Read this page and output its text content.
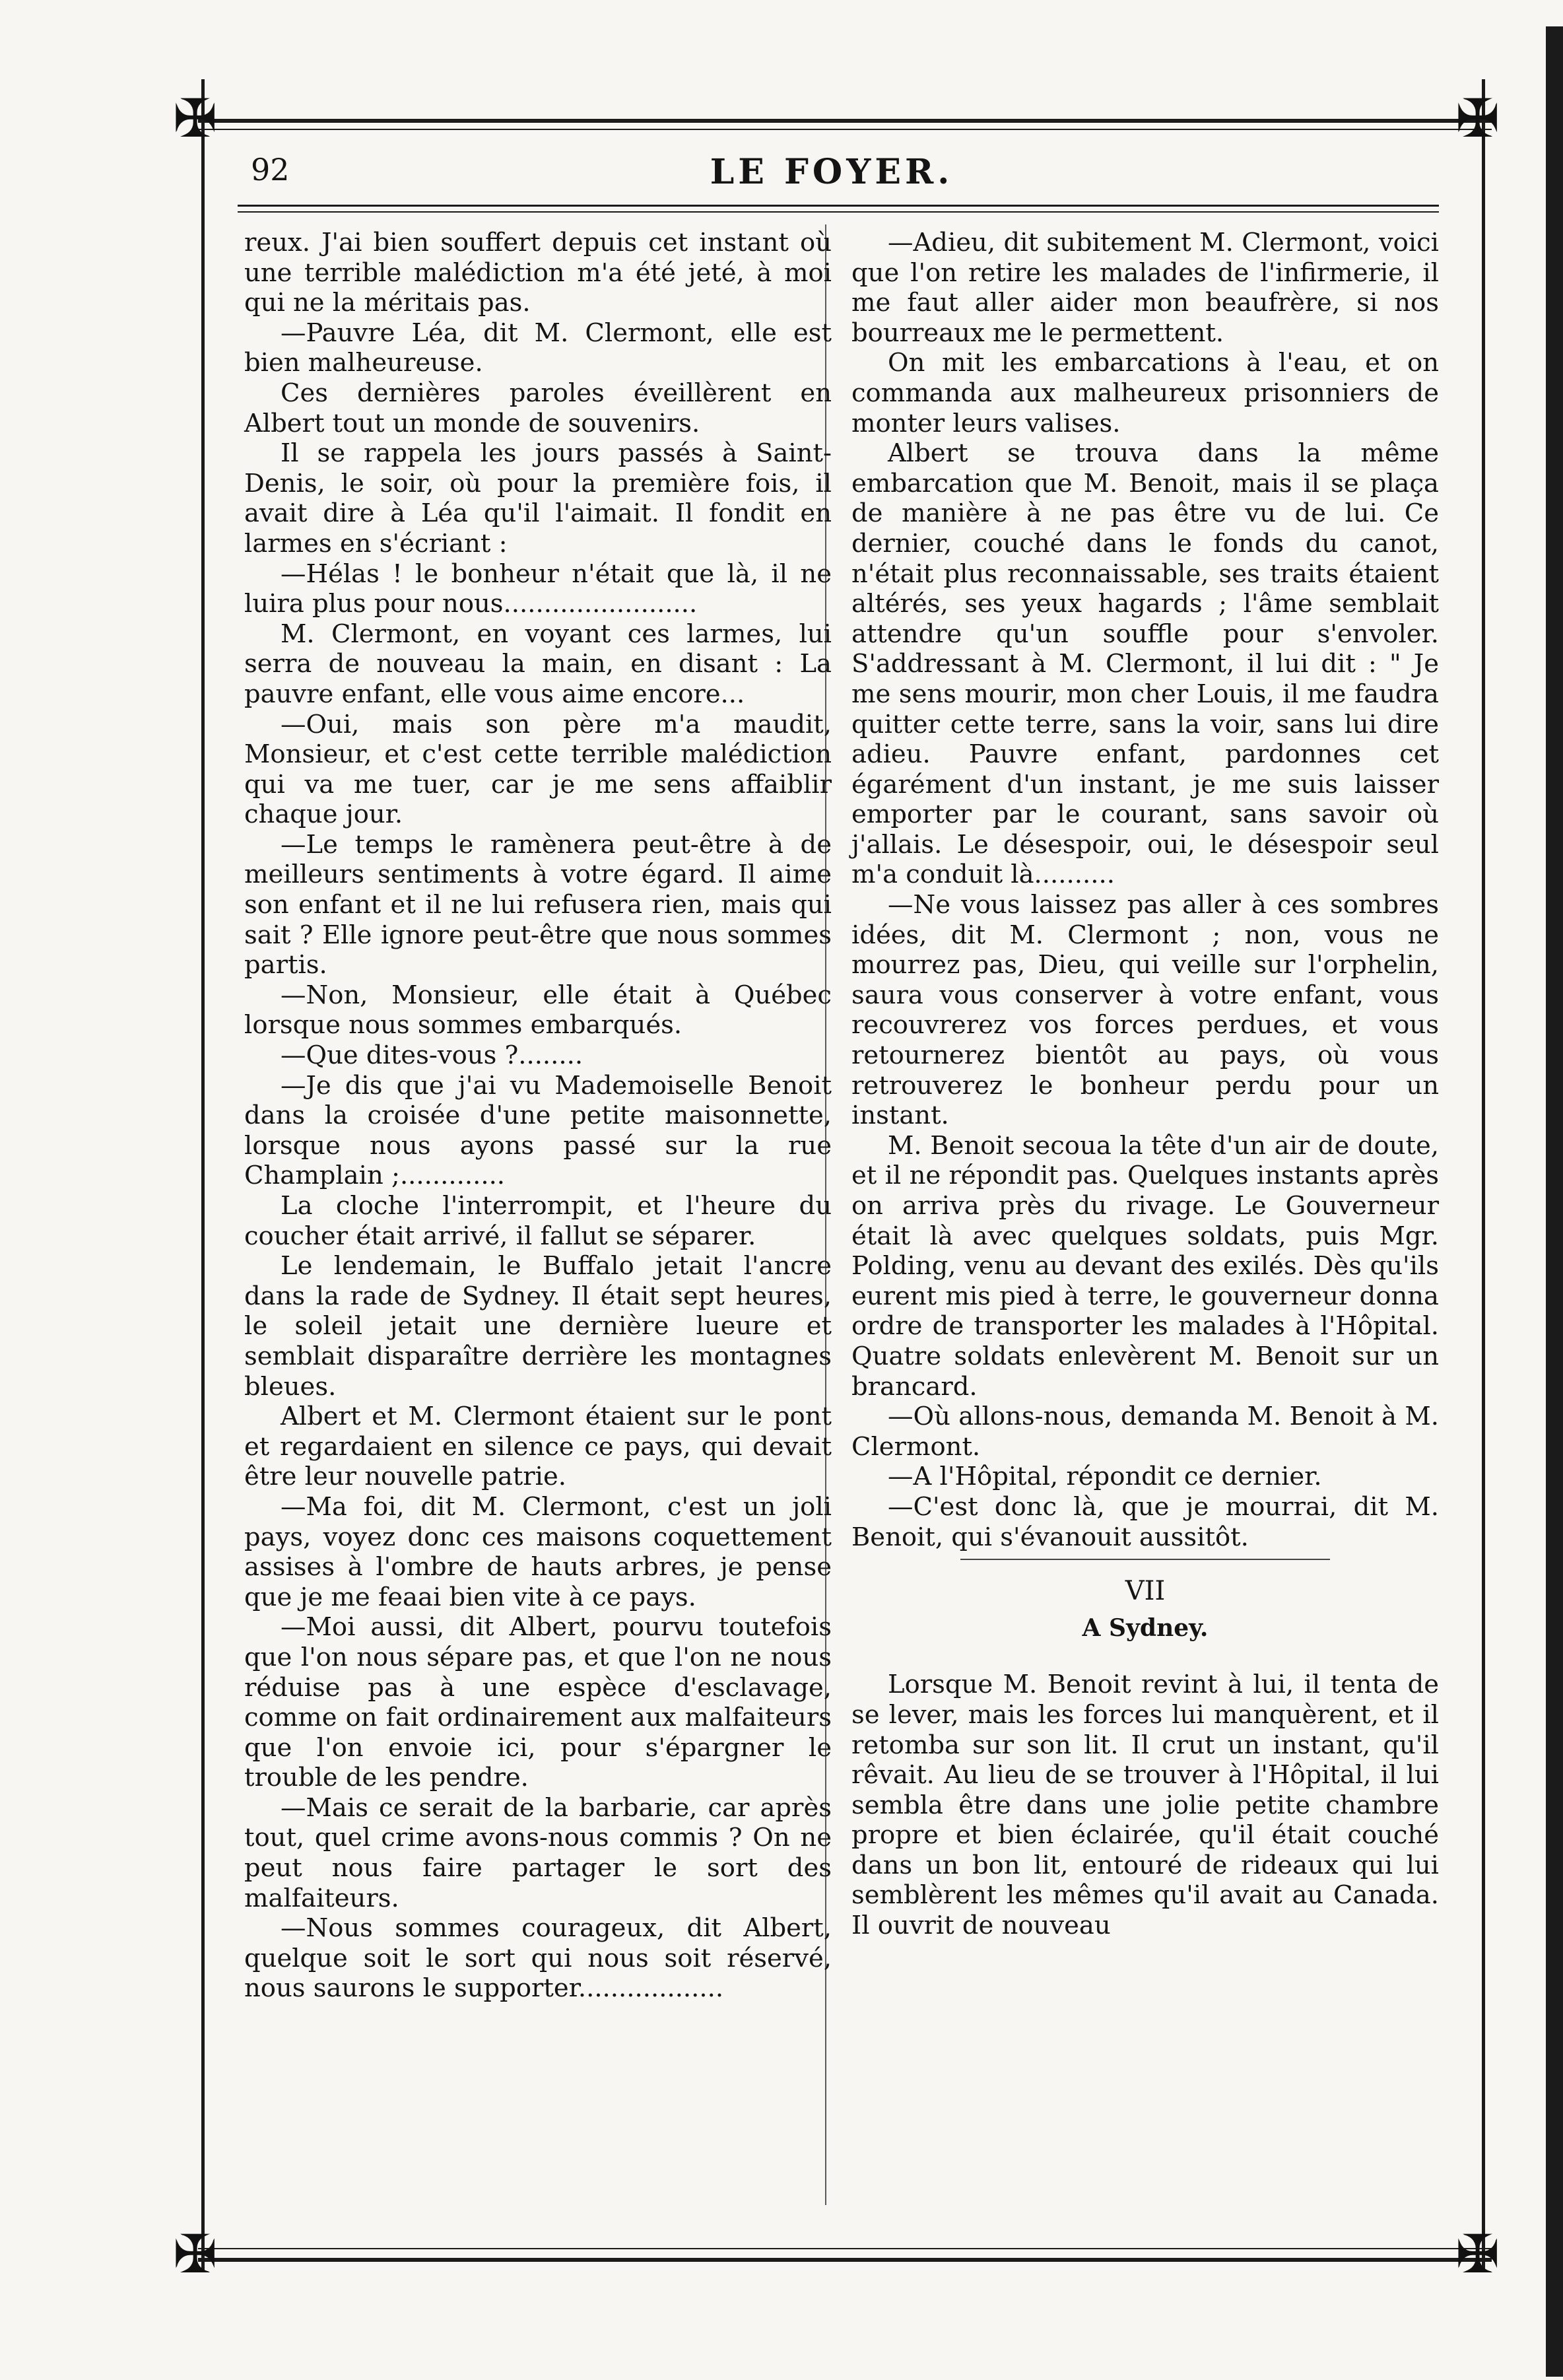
✠	✠
✠	✠
92	LE FOYER.

reux. J'ai bien souffert depuis cet instant où une terrible malédiction m'a été jeté, à moi qui ne la méritais pas.

—Pauvre Léa, dit M. Clermont, elle est bien malheureuse.

Ces dernières paroles éveillèrent en Albert tout un monde de souvenirs.

Il se rappela les jours passés à Saint-Denis, le soir, où pour la première fois, il avait dire à Léa qu'il l'aimait. Il fondit en larmes en s'écriant :

—Hélas ! le bonheur n'était que là, il ne luira plus pour nous........................

M. Clermont, en voyant ces larmes, lui serra de nouveau la main, en disant : La pauvre enfant, elle vous aime encore...

—Oui, mais son père m'a maudit, Monsieur, et c'est cette terrible malédiction qui va me tuer, car je me sens affaiblir chaque jour.

—Le temps le ramènera peut-être à de meilleurs sentiments à votre égard. Il aime son enfant et il ne lui refusera rien, mais qui sait ? Elle ignore peut-être que nous sommes partis.

—Non, Monsieur, elle était à Québec lorsque nous sommes embarqués.

—Que dites-vous ?........

—Je dis que j'ai vu Mademoiselle Benoit dans la croisée d'une petite maisonnette, lorsque nous ayons passé sur la rue Champlain ;.............

La cloche l'interrompit, et l'heure du coucher était arrivé, il fallut se séparer.

Le lendemain, le Buffalo jetait l'ancre dans la rade de Sydney. Il était sept heures, le soleil jetait une dernière lueure et semblait disparaître derrière les montagnes bleues.

Albert et M. Clermont étaient sur le pont et regardaient en silence ce pays, qui devait être leur nouvelle patrie.

—Ma foi, dit M. Clermont, c'est un joli pays, voyez donc ces maisons coquettement assises à l'ombre de hauts arbres, je pense que je me feaai bien vite à ce pays.

—Moi aussi, dit Albert, pourvu toutefois que l'on nous sépare pas, et que l'on ne nous réduise pas à une espèce d'esclavage, comme on fait ordinairement aux malfaiteurs que l'on envoie ici, pour s'épargner le trouble de les pendre.

—Mais ce serait de la barbarie, car après tout, quel crime avons-nous commis ? On ne peut nous faire partager le sort des malfaiteurs.

—Nous sommes courageux, dit Albert, quelque soit le sort qui nous soit réservé, nous saurons le supporter..................

—Adieu, dit subitement M. Clermont, voici que l'on retire les malades de l'infirmerie, il me faut aller aider mon beaufrère, si nos bourreaux me le permettent.

On mit les embarcations à l'eau, et on commanda aux malheureux prisonniers de monter leurs valises.

Albert se trouva dans la même embarcation que M. Benoit, mais il se plaça de manière à ne pas être vu de lui. Ce dernier, couché dans le fonds du canot, n'était plus reconnaissable, ses traits étaient altérés, ses yeux hagards ; l'âme semblait attendre qu'un souffle pour s'envoler. S'addressant à M. Clermont, il lui dit : " Je me sens mourir, mon cher Louis, il me faudra quitter cette terre, sans la voir, sans lui dire adieu. Pauvre enfant, pardonnes cet égarément d'un instant, je me suis laisser emporter par le courant, sans savoir où j'allais. Le désespoir, oui, le désespoir seul m'a conduit là..........

—Ne vous laissez pas aller à ces sombres idées, dit M. Clermont ; non, vous ne mourrez pas, Dieu, qui veille sur l'orphelin, saura vous conserver à votre enfant, vous recouvrerez vos forces perdues, et vous retournerez bientôt au pays, où vous retrouverez le bonheur perdu pour un instant.

M. Benoit secoua la tête d'un air de doute, et il ne répondit pas. Quelques instants après on arriva près du rivage. Le Gouverneur était là avec quelques soldats, puis Mgr. Polding, venu au devant des exilés. Dès qu'ils eurent mis pied à terre, le gouverneur donna ordre de transporter les malades à l'Hôpital. Quatre soldats enlevèrent M. Benoit sur un brancard.

—Où allons-nous, demanda M. Benoit à M. Clermont.

—A l'Hôpital, répondit ce dernier.

—C'est donc là, que je mourrai, dit M. Benoit, qui s'évanouit aussitôt.

VII

A Sydney.

Lorsque M. Benoit revint à lui, il tenta de se lever, mais les forces lui manquèrent, et il retomba sur son lit. Il crut un instant, qu'il rêvait. Au lieu de se trouver à l'Hôpital, il lui sembla être dans une jolie petite chambre propre et bien éclairée, qu'il était couché dans un bon lit, entouré de rideaux qui lui semblèrent les mêmes qu'il avait au Canada. Il ouvrit de nouveau
